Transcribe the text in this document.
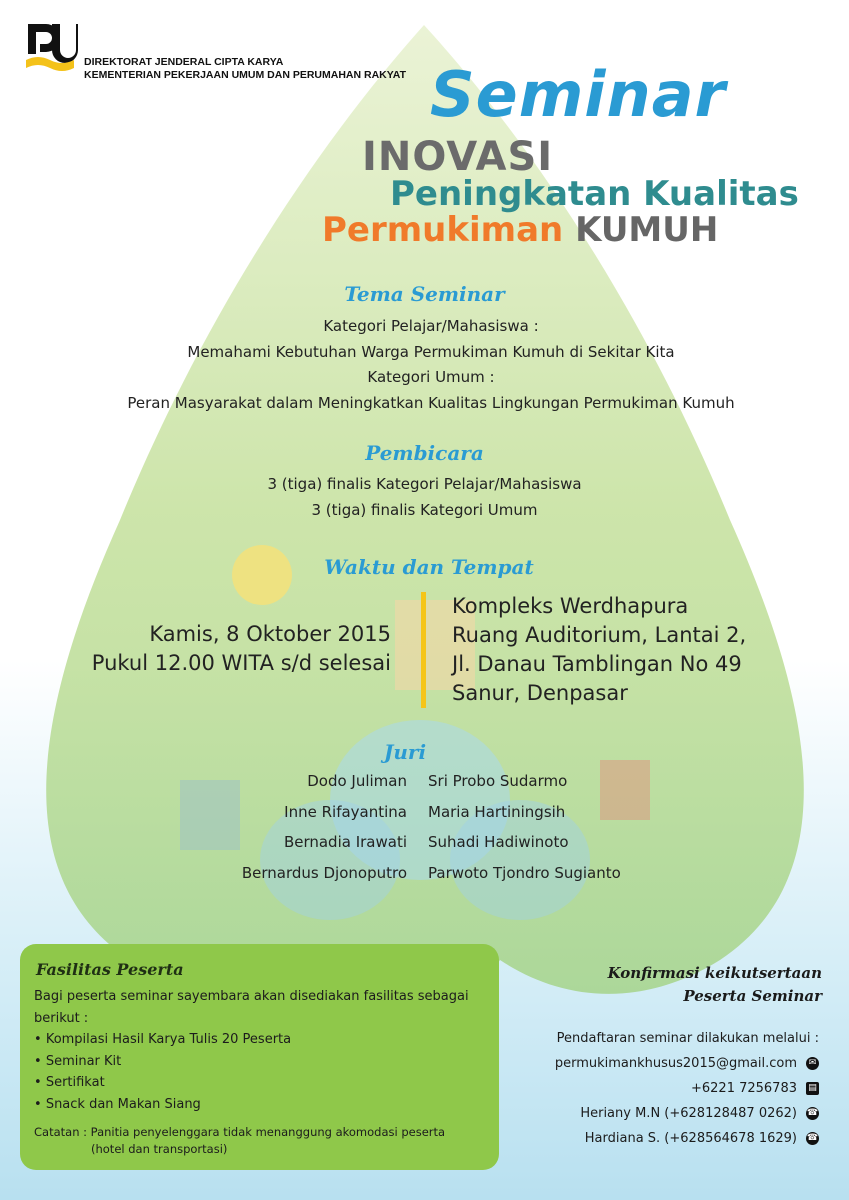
DIREKTORAT JENDERAL CIPTA KARYA
KEMENTERIAN PEKERJAAN UMUM DAN PERUMAHAN RAKYAT Seminar
INOVASI
Peningkatan Kualitas
Permukiman KUMUH
Tema Seminar
Kategori Pelajar/Mahasiswa :
Memahami Kebutuhan Warga Permukiman Kumuh di Sekitar Kita
Kategori Umum :
Peran Masyarakat dalam Meningkatkan Kualitas Lingkungan Permukiman Kumuh
Pembicara
3 (tiga) finalis Kategori Pelajar/Mahasiswa
3 (tiga) finalis Kategori Umum
Waktu dan Tempat
Kamis, 8 Oktober 2015
Pukul 12.00 WITA s/d selesai
Kompleks Werdhapura
Ruang Auditorium, Lantai 2,
Jl. Danau Tamblingan No 49
Sanur, Denpasar
Juri
Dodo Juliman
Inne Rifayantina
Bernadia Irawati
Bernardus Djonoputro
Sri Probo Sudarmo
Maria Hartiningsih
Suhadi Hadiwinoto
Parwoto Tjondro Sugianto
Fasilitas Peserta
Bagi peserta seminar sayembara akan disediakan fasilitas sebagai berikut :
• Kompilasi Hasil Karya Tulis 20 Peserta
• Seminar Kit
• Sertifikat
• Snack dan Makan Siang
Catatan : Panitia penyelenggara tidak menanggung akomodasi peserta
(hotel dan transportasi)
Konfirmasi keikutsertaan
Peserta Seminar
Pendaftaran seminar dilakukan melalui :
permukimankhusus2015@gmail.com	✉
+6221 7256783 ▤
Heriany M.N (+628128487 0262) ☎
Hardiana S. (+628564678 1629) ☎
